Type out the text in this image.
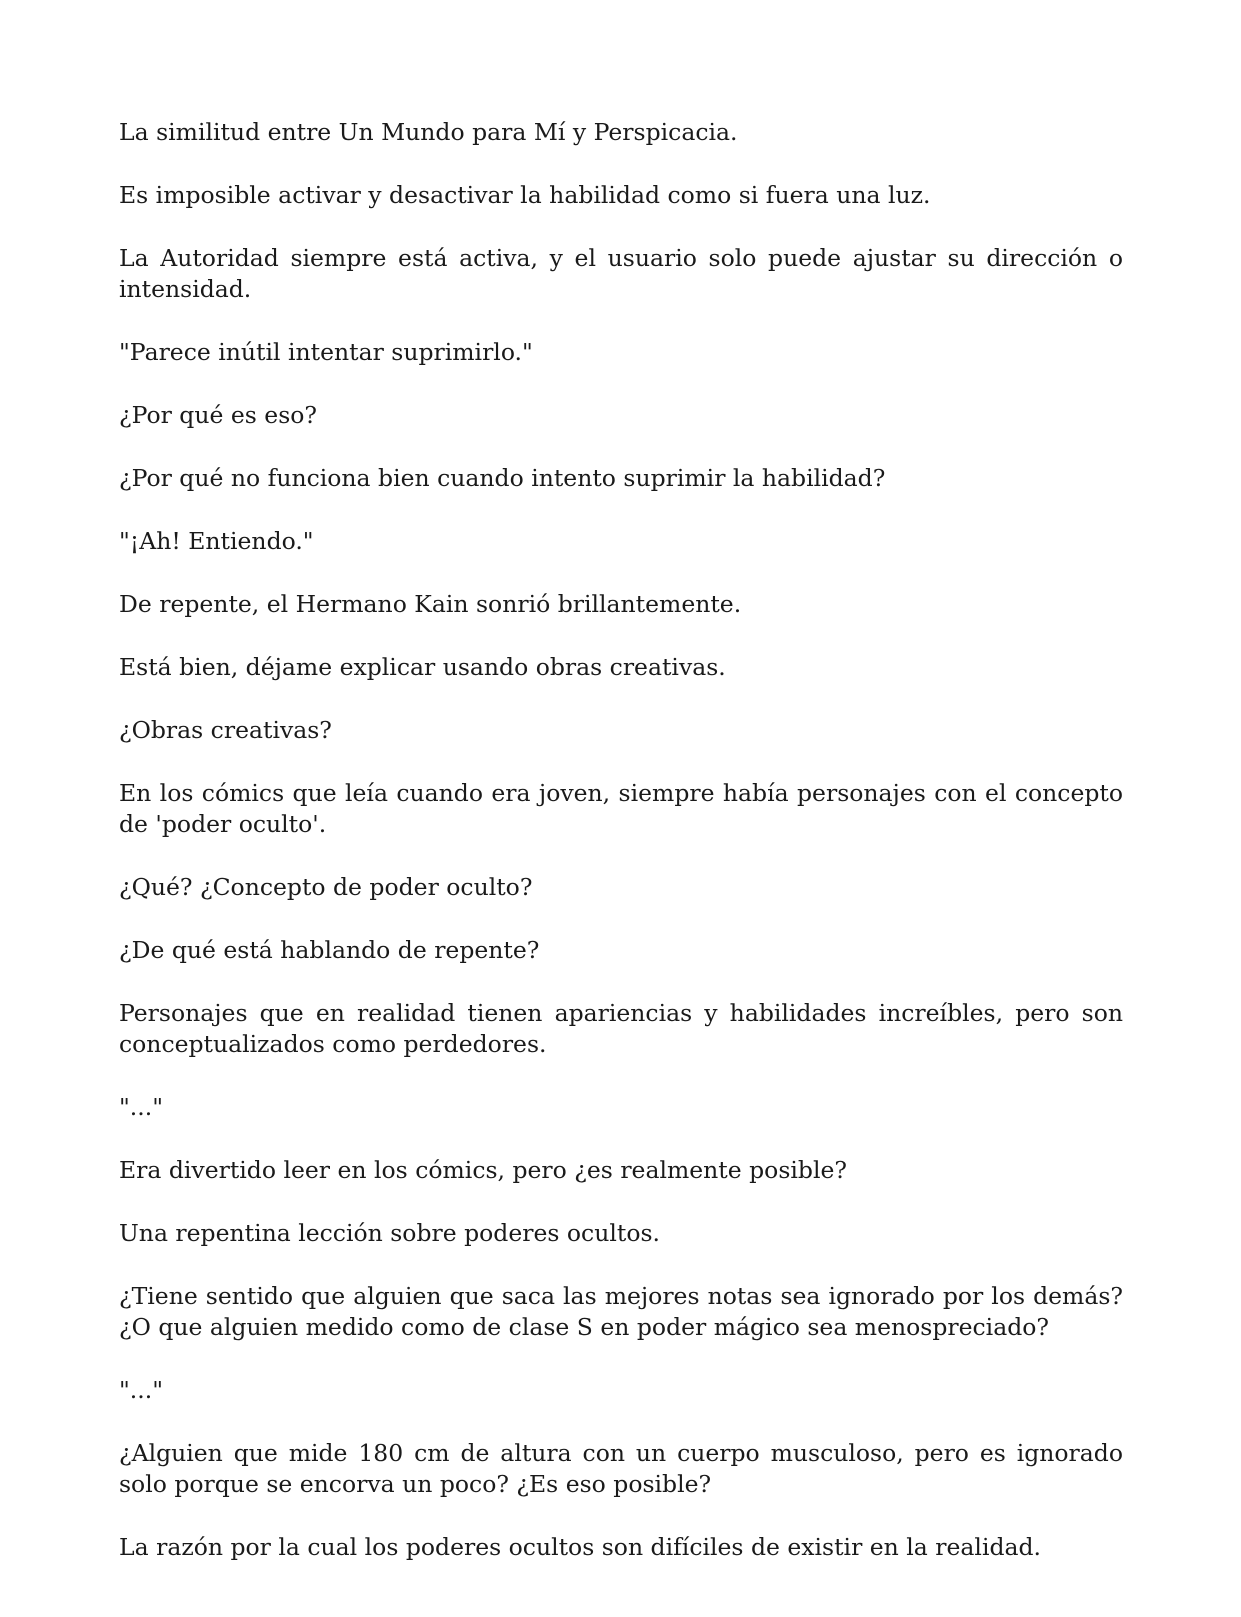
La similitud entre Un Mundo para Mí y Perspicacia.

Es imposible activar y desactivar la habilidad como si fuera una luz.

La Autoridad siempre está activa, y el usuario solo puede ajustar su dirección o intensidad.

"Parece inútil intentar suprimirlo."

¿Por qué es eso?

¿Por qué no funciona bien cuando intento suprimir la habilidad?

"¡Ah! Entiendo."

De repente, el Hermano Kain sonrió brillantemente.

Está bien, déjame explicar usando obras creativas.

¿Obras creativas?

En los cómics que leía cuando era joven, siempre había personajes con el concepto de 'poder oculto'.

¿Qué? ¿Concepto de poder oculto?

¿De qué está hablando de repente?

Personajes que en realidad tienen apariencias y habilidades increíbles, pero son conceptualizados como perdedores.

"..."

Era divertido leer en los cómics, pero ¿es realmente posible?

Una repentina lección sobre poderes ocultos.

¿Tiene sentido que alguien que saca las mejores notas sea ignorado por los demás? ¿O que alguien medido como de clase S en poder mágico sea menospreciado?

"..."

¿Alguien que mide 180 cm de altura con un cuerpo musculoso, pero es ignorado solo porque se encorva un poco? ¿Es eso posible?

La razón por la cual los poderes ocultos son difíciles de existir en la realidad.
